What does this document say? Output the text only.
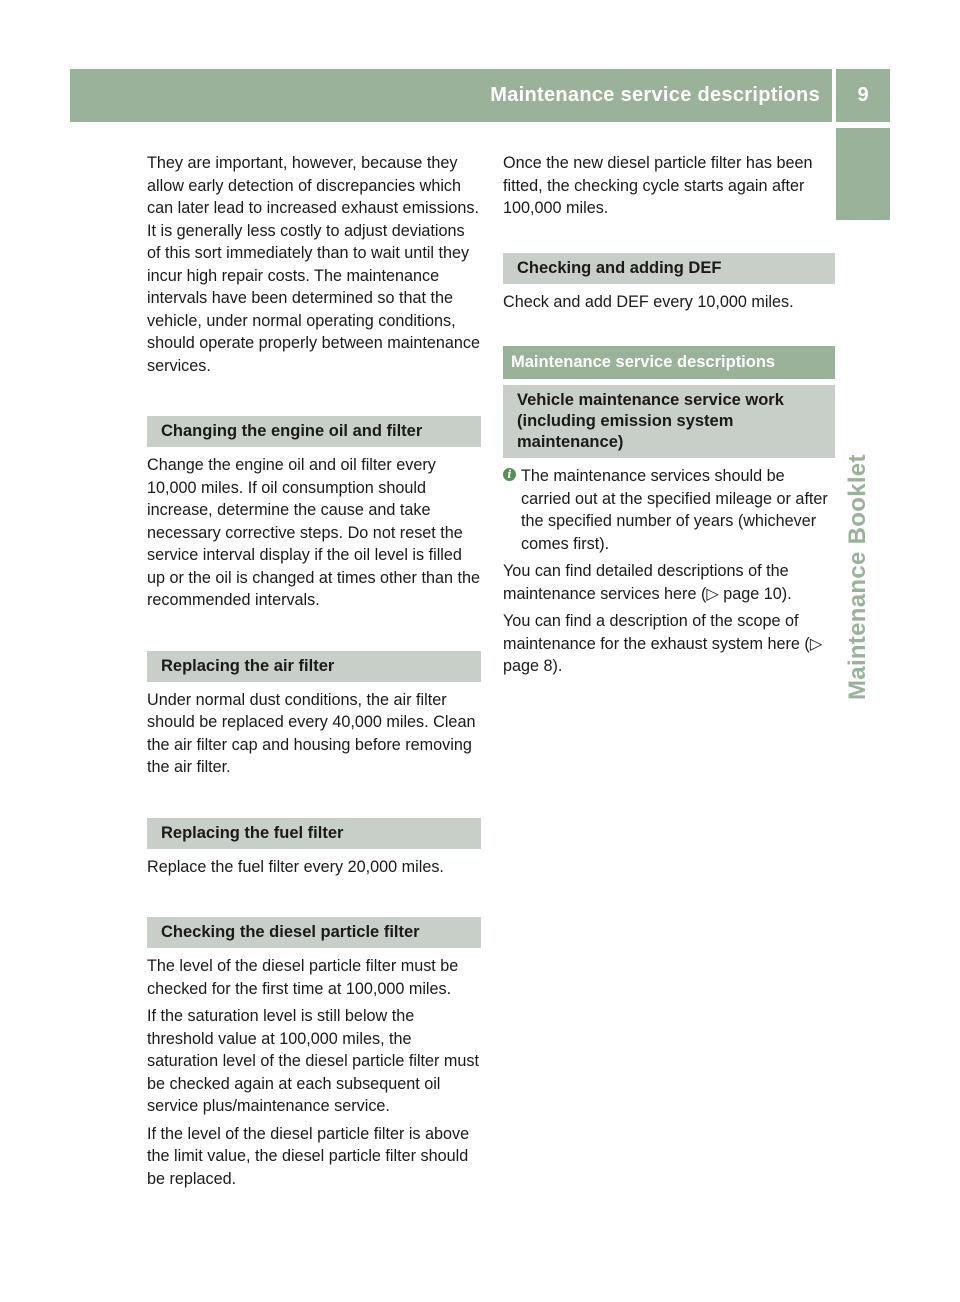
Maintenance service descriptions	9
Maintenance Booklet

They are important, however, because they allow early detection of discrepancies which can later lead to increased exhaust emissions. It is generally less costly to adjust deviations of this sort immediately than to wait until they incur high repair costs. The maintenance intervals have been determined so that the vehicle, under normal operating conditions, should operate properly between maintenance services.

Changing the engine oil and filter

Change the engine oil and oil filter every 10,000 miles. If oil consumption should increase, determine the cause and take necessary corrective steps. Do not reset the service interval display if the oil level is filled up or the oil is changed at times other than the recommended intervals.

Replacing the air filter

Under normal dust conditions, the air filter should be replaced every 40,000 miles. Clean the air filter cap and housing before removing the air filter.

Replacing the fuel filter

Replace the fuel filter every 20,000 miles.

Checking the diesel particle filter

The level of the diesel particle filter must be checked for the first time at 100,000 miles.

If the saturation level is still below the threshold value at 100,000 miles, the saturation level of the diesel particle filter must be checked again at each subsequent oil service plus/maintenance service.

If the level of the diesel particle filter is above the limit value, the diesel particle filter should be replaced.

Once the new diesel particle filter has been fitted, the checking cycle starts again after 100,000 miles.

Checking and adding DEF

Check and add DEF every 10,000 miles.

Maintenance service descriptions
Vehicle maintenance service work (including emission system maintenance)
i The maintenance services should be carried out at the specified mileage or after the specified number of years (whichever comes first).

You can find detailed descriptions of the maintenance services here (▷ page 10).

You can find a description of the scope of maintenance for the exhaust system here (▷ page 8).
